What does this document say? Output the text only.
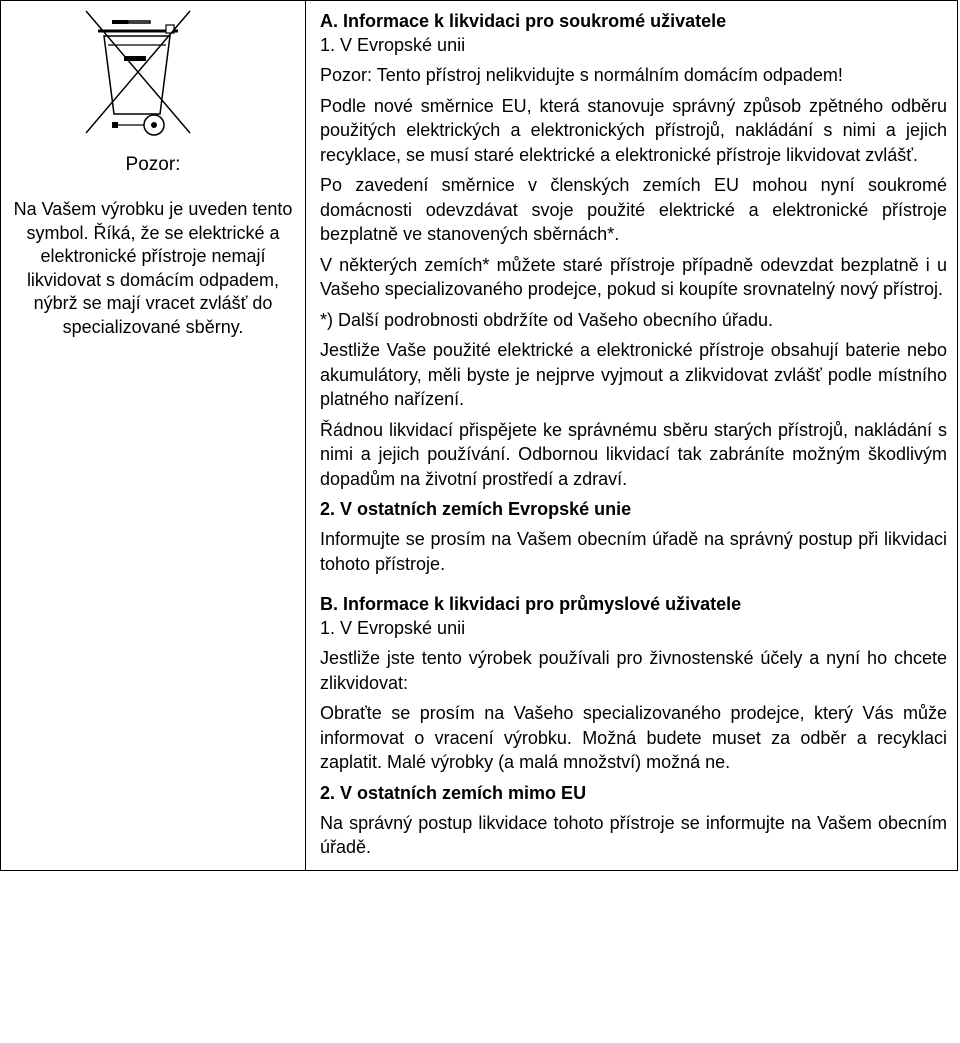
Pozor:
Na Vašem výrobku je uveden tento symbol. Říká, že se elektrické a elektronické přístroje nemají likvidovat s domácím odpadem, nýbrž se mají vracet zvlášť do specializované sběrny.

A. Informace k likvidaci pro soukromé uživatele
1. V Evropské unii

Pozor: Tento přístroj nelikvidujte s normálním domácím odpadem!

Podle nové směrnice EU, která stanovuje správný způsob zpětného odběru použitých elektrických a elektronických přístrojů, nakládání s nimi a jejich recyklace, se musí staré elektrické a elektronické přístroje likvidovat zvlášť.

Po zavedení směrnice v členských zemích EU mohou nyní soukromé domácnosti odevzdávat svoje použité elektrické a elektronické přístroje bezplatně ve stanovených sběrnách*.

V některých zemích* můžete staré přístroje případně odevzdat bezplatně i u Vašeho specializovaného prodejce, pokud si koupíte srovnatelný nový přístroj.

*) Další podrobnosti obdržíte od Vašeho obecního úřadu.

Jestliže Vaše použité elektrické a elektronické přístroje obsahují baterie nebo akumulátory, měli byste je nejprve vyjmout a zlikvidovat zvlášť podle místního platného nařízení.

Řádnou likvidací přispějete ke správnému sběru starých přístrojů, nakládání s nimi a jejich používání. Odbornou likvidací tak zabráníte možným škodlivým dopadům na životní prostředí a zdraví.

2. V ostatních zemích Evropské unie

Informujte se prosím na Vašem obecním úřadě na správný postup při likvidaci tohoto přístroje.

B. Informace k likvidaci pro průmyslové uživatele
1. V Evropské unii

Jestliže jste tento výrobek používali pro živnostenské účely a nyní ho chcete zlikvidovat:

Obraťte se prosím na Vašeho specializovaného prodejce, který Vás může informovat o vracení výrobku. Možná budete muset za odběr a recyklaci zaplatit. Malé výrobky (a malá množství) možná ne.

2. V ostatních zemích mimo EU

Na správný postup likvidace tohoto přístroje se informujte na Vašem obecním úřadě.
